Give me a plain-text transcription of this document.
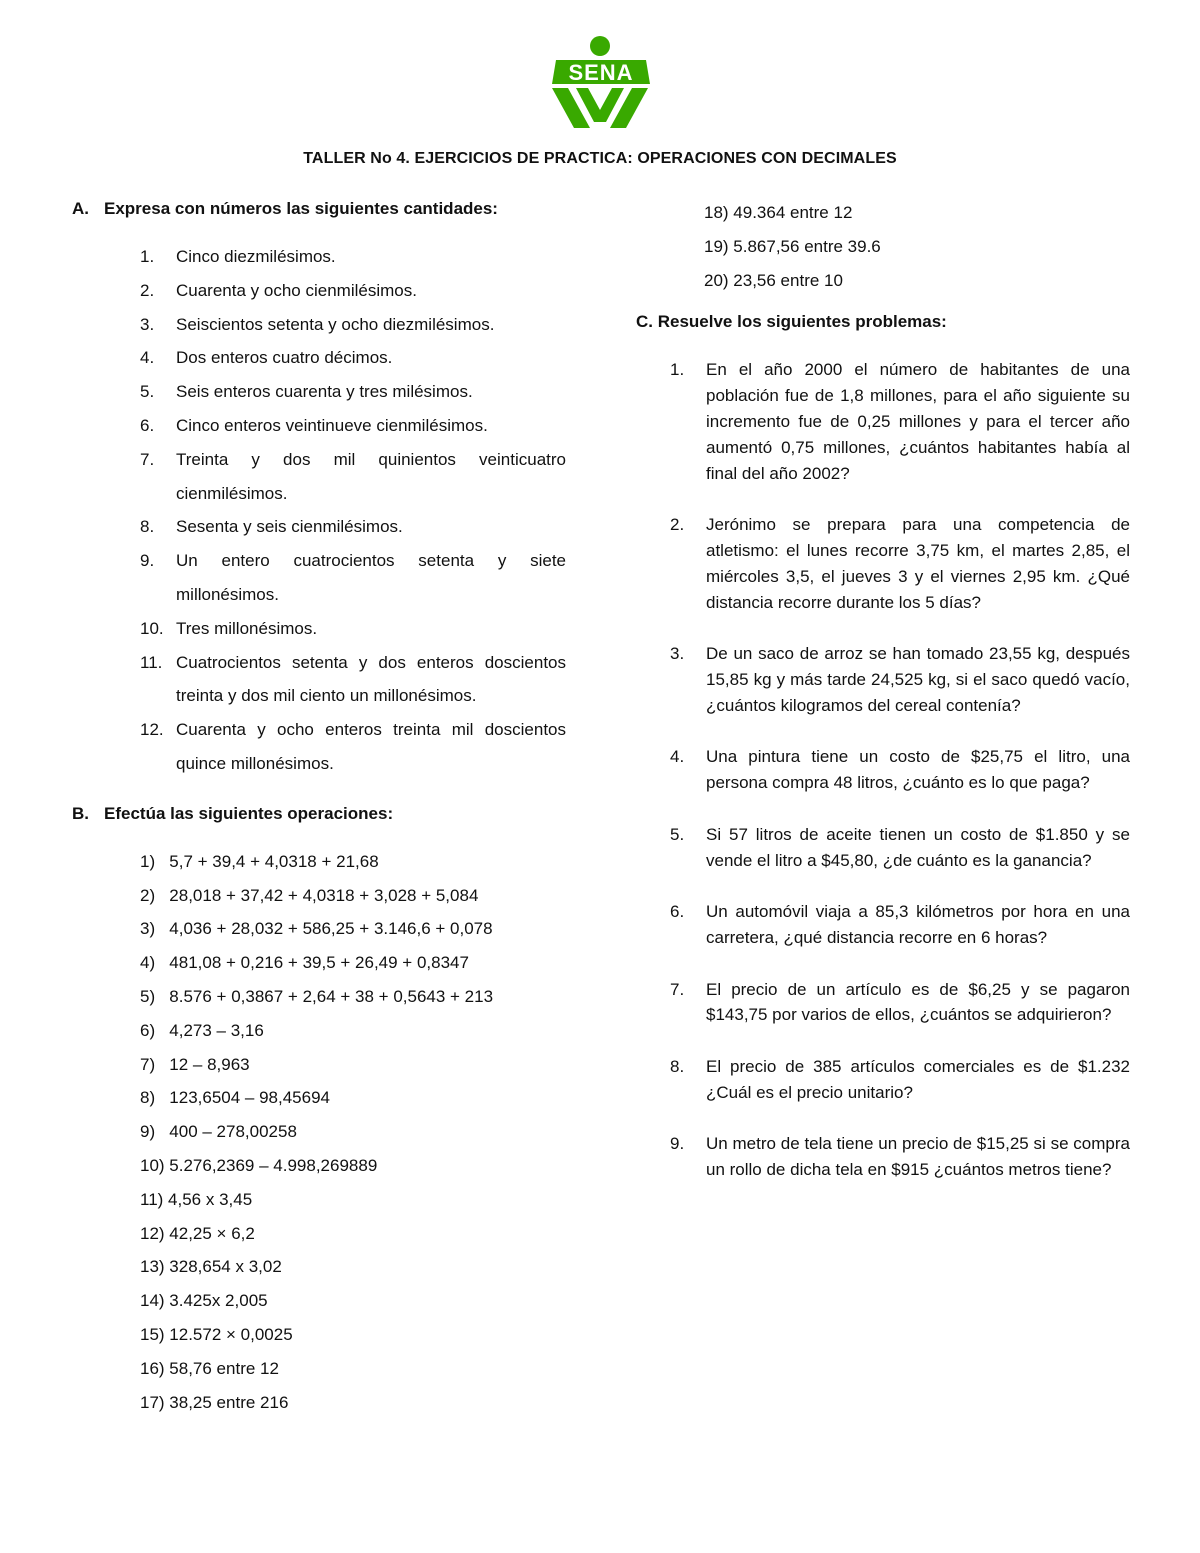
SENA
TALLER No 4. EJERCICIOS DE PRACTICA: OPERACIONES CON DECIMALES
A. Expresa con números las siguientes cantidades:
1. Cinco diezmilésimos.
2. Cuarenta y ocho cienmilésimos.
3. Seiscientos setenta y ocho diezmilésimos.
4. Dos enteros cuatro décimos.
5. Seis enteros cuarenta y tres milésimos.
6. Cinco enteros veintinueve cienmilésimos.
7. Treinta y dos mil quinientos veinticuatro cienmilésimos.
8. Sesenta y seis cienmilésimos.
9. Un entero cuatrocientos setenta y siete millonésimos.
10. Tres millonésimos.
11. Cuatrocientos setenta y dos enteros doscientos treinta y dos mil ciento un millonésimos.
12. Cuarenta y ocho enteros treinta mil doscientos quince millonésimos.
B. Efectúa las siguientes operaciones:
1)   5,7 + 39,4 + 4,0318 + 21,68
2)   28,018 + 37,42 + 4,0318 + 3,028 + 5,084
3)   4,036 + 28,032 + 586,25 + 3.146,6 + 0,078
4)   481,08 + 0,216 + 39,5 + 26,49 + 0,8347
5)   8.576 + 0,3867 + 2,64 + 38 + 0,5643 + 213
6)   4,273 – 3,16
7)   12 – 8,963
8)   123,6504 – 98,45694
9)   400 – 278,00258
10) 5.276,2369 – 4.998,269889
11) 4,56 x 3,45
12) 42,25 × 6,2
13) 328,654 x 3,02
14) 3.425x 2,005
15) 12.572 × 0,0025
16) 58,76 entre 12
17) 38,25 entre 216
18) 49.364 entre 12
19) 5.867,56 entre 39.6
20) 23,56 entre 10
C. Resuelve los siguientes problemas:
1. En el año 2000 el número de habitantes de una población fue de 1,8 millones, para el año siguiente su incremento fue de 0,25 millones y para el tercer año aumentó 0,75 millones, ¿cuántos habitantes había al final del año 2002?
2. Jerónimo se prepara para una competencia de atletismo: el lunes recorre 3,75 km, el martes 2,85, el miércoles 3,5, el jueves 3 y el viernes 2,95 km. ¿Qué distancia recorre durante los 5 días?
3. De un saco de arroz se han tomado 23,55 kg, después 15,85 kg y más tarde 24,525 kg, si el saco quedó vacío, ¿cuántos kilogramos del cereal contenía?
4. Una pintura tiene un costo de $25,75 el litro, una persona compra 48 litros, ¿cuánto es lo que paga?
5. Si 57 litros de aceite tienen un costo de $1.850 y se vende el litro a $45,80, ¿de cuánto es la ganancia?
6. Un automóvil viaja a 85,3 kilómetros por hora en una carretera, ¿qué distancia recorre en 6 horas?
7. El precio de un artículo es de $6,25 y se pagaron $143,75 por varios de ellos, ¿cuántos se adquirieron?
8. El precio de 385 artículos comerciales es de $1.232 ¿Cuál es el precio unitario?
9. Un metro de tela tiene un precio de $15,25 si se compra un rollo de dicha tela en $915 ¿cuántos metros tiene?
